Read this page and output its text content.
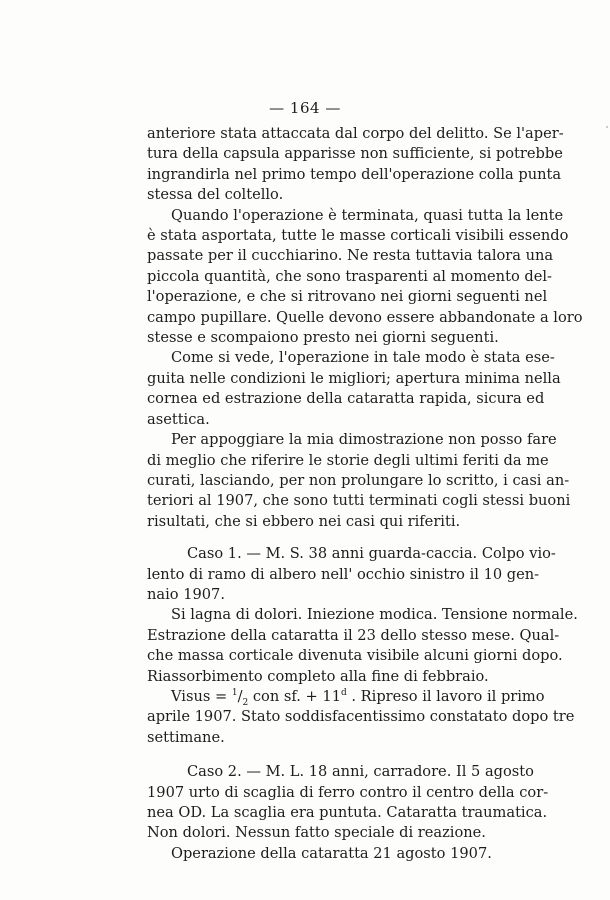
— 164 —
anteriore stata attaccata dal corpo del delitto. Se l'aper-
tura della capsula apparisse non sufficiente, si potrebbe
ingrandirla nel primo tempo dell'operazione colla punta
stessa del coltello.
Quando l'operazione è terminata, quasi tutta la lente
è stata asportata, tutte le masse corticali visibili essendo
passate per il cucchiarino. Ne resta tuttavia talora una
piccola quantità, che sono trasparenti al momento del-
l'operazione, e che si ritrovano nei giorni seguenti nel
campo pupillare. Quelle devono essere abbandonate a loro
stesse e scompaiono presto nei giorni seguenti.
Come si vede, l'operazione in tale modo è stata ese-
guita nelle condizioni le migliori; apertura minima nella
cornea ed estrazione della cataratta rapida, sicura ed
asettica.
Per appoggiare la mia dimostrazione non posso fare
di meglio che riferire le storie degli ultimi feriti da me
curati, lasciando, per non prolungare lo scritto, i casi an-
teriori al 1907, che sono tutti terminati cogli stessi buoni
risultati, che si ebbero nei casi qui riferiti.
Caso 1. — M. S. 38 anni guarda-caccia. Colpo vio-
lento di ramo di albero nell' occhio sinistro il 10 gen-
naio 1907.
Si lagna di dolori. Iniezione modica. Tensione normale.
Estrazione della cataratta il 23 dello stesso mese. Qual-
che massa corticale divenuta visibile alcuni giorni dopo.
Riassorbimento completo alla fine di febbraio.
Visus = $^1/_2$ con sf. + $11^d$ . Ripreso il lavoro il primo
aprile 1907. Stato soddisfacentissimo constatato dopo tre
settimane.
Caso 2. — M. L. 18 anni, carradore. Il 5 agosto
1907 urto di scaglia di ferro contro il centro della cor-
nea OD. La scaglia era puntuta. Cataratta traumatica.
Non dolori. Nessun fatto speciale di reazione.
Operazione della cataratta 21 agosto 1907.
